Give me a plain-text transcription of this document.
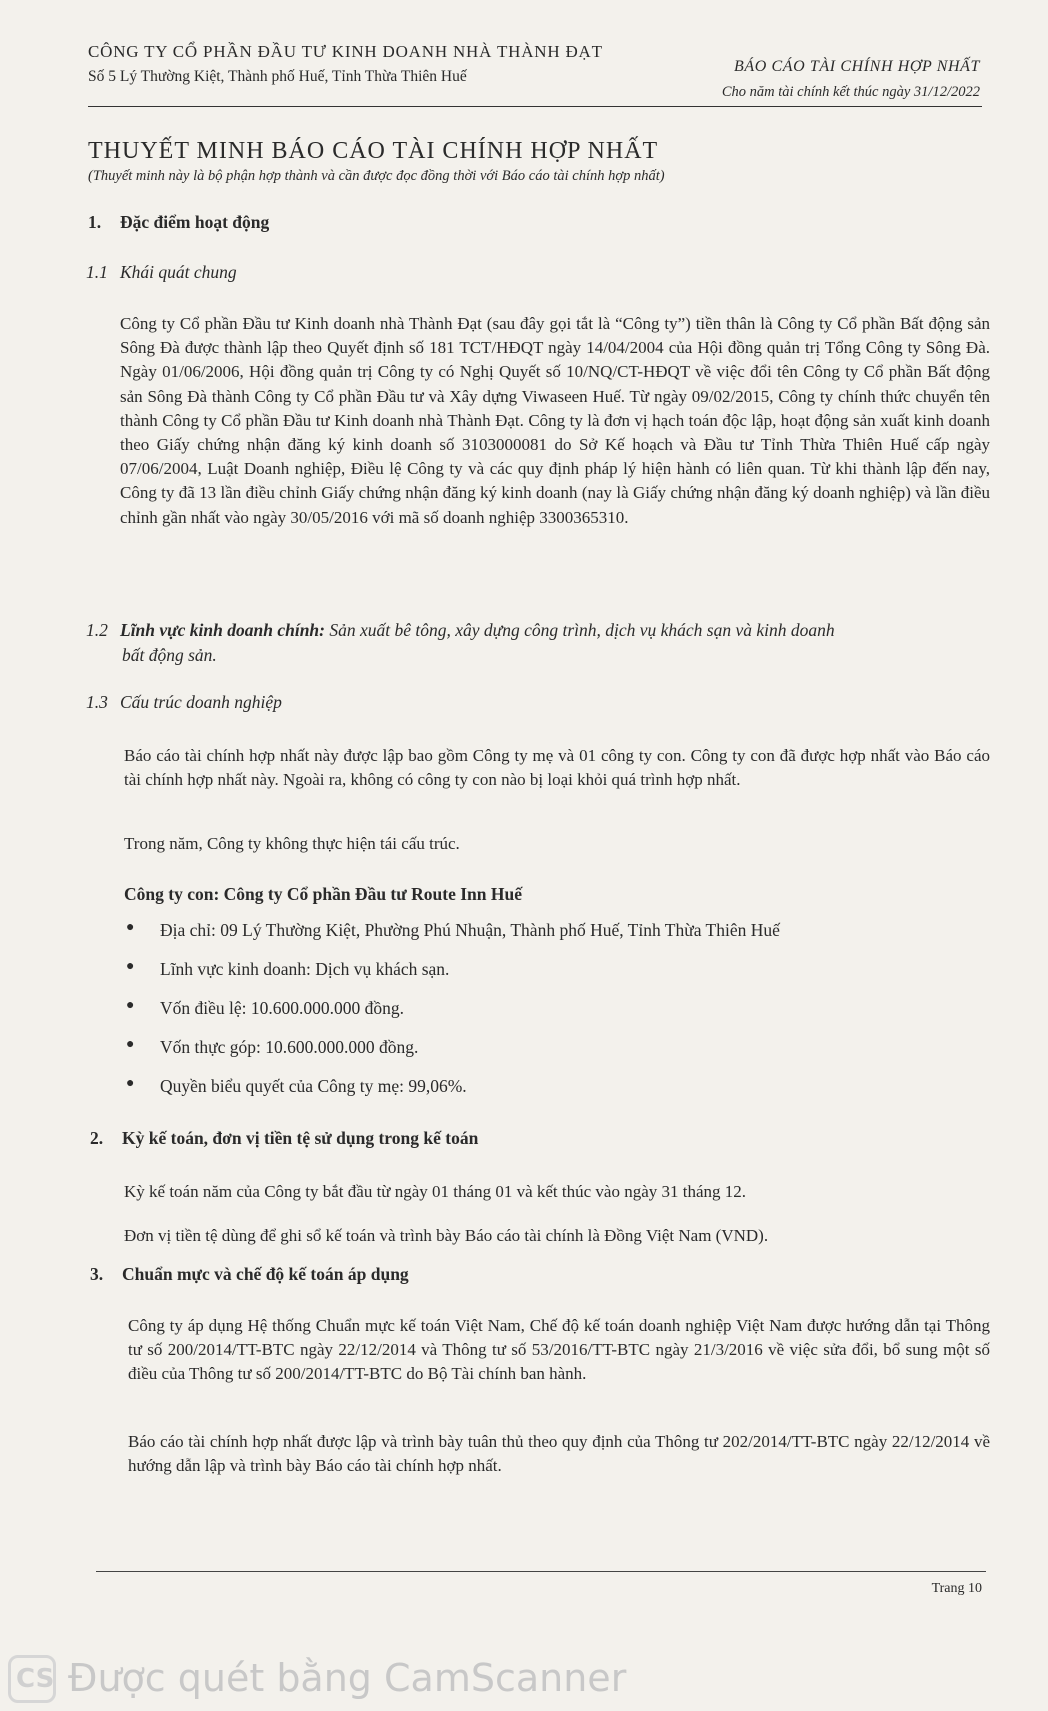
CÔNG TY CỔ PHẦN ĐẦU TƯ KINH DOANH NHÀ THÀNH ĐẠT
Số 5 Lý Thường Kiệt, Thành phố Huế, Tỉnh Thừa Thiên Huế
BÁO CÁO TÀI CHÍNH HỢP NHẤT
Cho năm tài chính kết thúc ngày 31/12/2022
THUYẾT MINH BÁO CÁO TÀI CHÍNH HỢP NHẤT
(Thuyết minh này là bộ phận hợp thành và cần được đọc đồng thời với Báo cáo tài chính hợp nhất)
1. Đặc điểm hoạt động
1.1 Khái quát chung
Công ty Cổ phần Đầu tư Kinh doanh nhà Thành Đạt (sau đây gọi tắt là “Công ty”) tiền thân là Công ty Cổ phần Bất động sản Sông Đà được thành lập theo Quyết định số 181 TCT/HĐQT ngày 14/04/2004 của Hội đồng quản trị Tổng Công ty Sông Đà. Ngày 01/06/2006, Hội đồng quản trị Công ty có Nghị Quyết số 10/NQ/CT-HĐQT về việc đổi tên Công ty Cổ phần Bất động sản Sông Đà thành Công ty Cổ phần Đầu tư và Xây dựng Viwaseen Huế. Từ ngày 09/02/2015, Công ty chính thức chuyển tên thành Công ty Cổ phần Đầu tư Kinh doanh nhà Thành Đạt. Công ty là đơn vị hạch toán độc lập, hoạt động sản xuất kinh doanh theo Giấy chứng nhận đăng ký kinh doanh số 3103000081 do Sở Kế hoạch và Đầu tư Tỉnh Thừa Thiên Huế cấp ngày 07/06/2004, Luật Doanh nghiệp, Điều lệ Công ty và các quy định pháp lý hiện hành có liên quan. Từ khi thành lập đến nay, Công ty đã 13 lần điều chỉnh Giấy chứng nhận đăng ký kinh doanh (nay là Giấy chứng nhận đăng ký doanh nghiệp) và lần điều chỉnh gần nhất vào ngày 30/05/2016 với mã số doanh nghiệp 3300365310.
1.2 Lĩnh vực kinh doanh chính: Sản xuất bê tông, xây dựng công trình, dịch vụ khách sạn và kinh doanh
bất động sản.
1.3 Cấu trúc doanh nghiệp
Báo cáo tài chính hợp nhất này được lập bao gồm Công ty mẹ và 01 công ty con. Công ty con đã được hợp nhất vào Báo cáo tài chính hợp nhất này. Ngoài ra, không có công ty con nào bị loại khỏi quá trình hợp nhất.
Trong năm, Công ty không thực hiện tái cấu trúc.
Công ty con: Công ty Cổ phần Đầu tư Route Inn Huế
● Địa chỉ: 09 Lý Thường Kiệt, Phường Phú Nhuận, Thành phố Huế, Tỉnh Thừa Thiên Huế
● Lĩnh vực kinh doanh: Dịch vụ khách sạn.
● Vốn điều lệ: 10.600.000.000 đồng.
● Vốn thực góp: 10.600.000.000 đồng.
● Quyền biểu quyết của Công ty mẹ: 99,06%.
2. Kỳ kế toán, đơn vị tiền tệ sử dụng trong kế toán
Kỳ kế toán năm của Công ty bắt đầu từ ngày 01 tháng 01 và kết thúc vào ngày 31 tháng 12.
Đơn vị tiền tệ dùng để ghi sổ kế toán và trình bày Báo cáo tài chính là Đồng Việt Nam (VND).
3. Chuẩn mực và chế độ kế toán áp dụng
Công ty áp dụng Hệ thống Chuẩn mực kế toán Việt Nam, Chế độ kế toán doanh nghiệp Việt Nam được hướng dẫn tại Thông tư số 200/2014/TT-BTC ngày 22/12/2014 và Thông tư số 53/2016/TT-BTC ngày 21/3/2016 về việc sửa đổi, bổ sung một số điều của Thông tư số 200/2014/TT-BTC do Bộ Tài chính ban hành.
Báo cáo tài chính hợp nhất được lập và trình bày tuân thủ theo quy định của Thông tư 202/2014/TT-BTC ngày 22/12/2014 về hướng dẫn lập và trình bày Báo cáo tài chính hợp nhất.
Trang 10
CS Được quét bằng CamScanner
